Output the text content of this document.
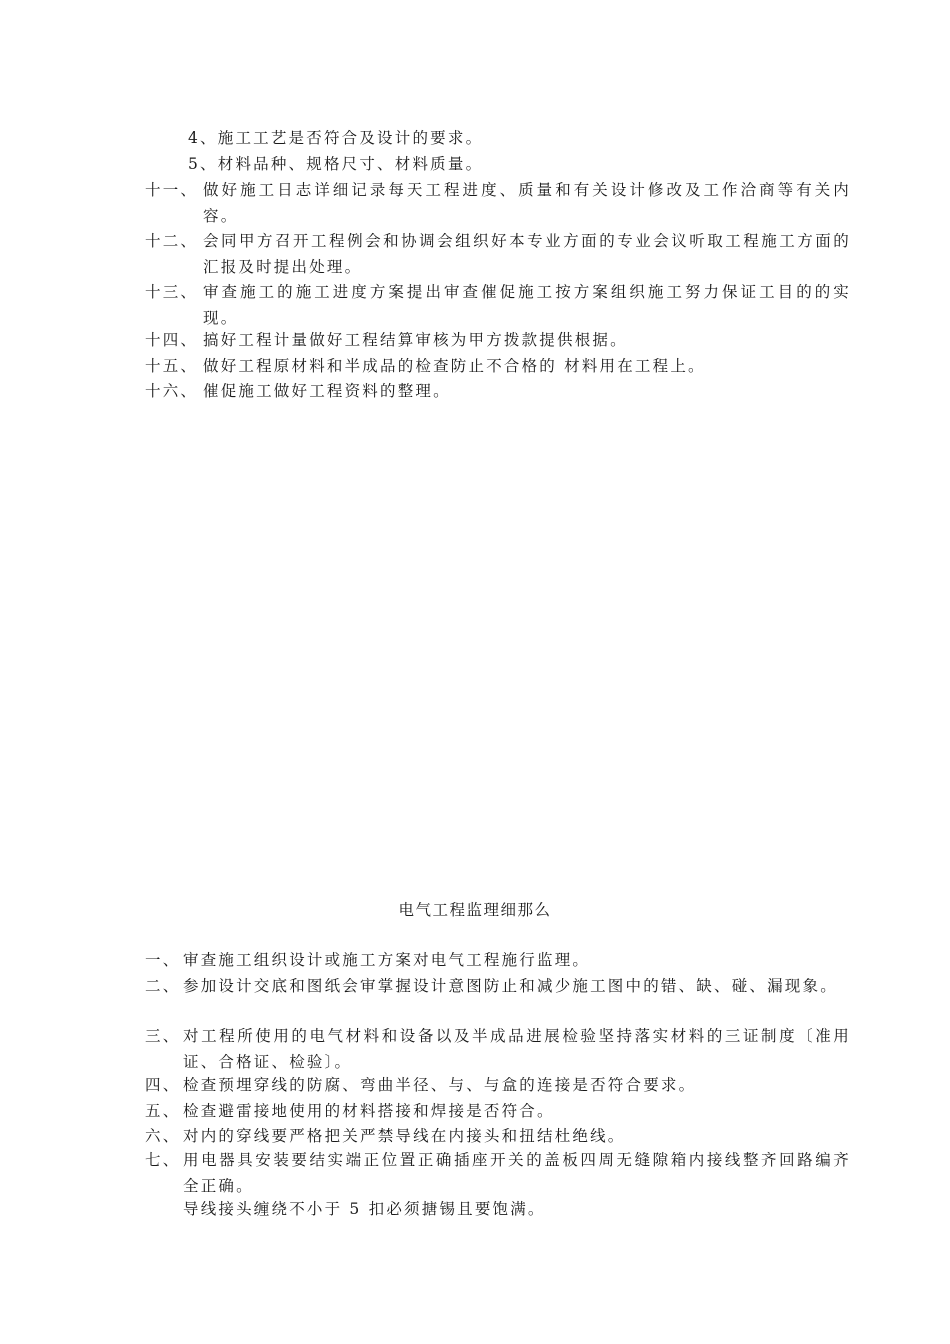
4、施工工艺是否符合及设计的要求。
5、材料品种、规格尺寸、材料质量。
十一、 做好施工日志详细记录每天工程进度、质量和有关设计修改及工作洽商等有关内容。
十二、 会同甲方召开工程例会和协调会组织好本专业方面的专业会议听取工程施工方面的汇报及时提出处理。
十三、 审查施工的施工进度方案提出审查催促施工按方案组织施工努力保证工目的的实现。
十四、 搞好工程计量做好工程结算审核为甲方拨款提供根据。
十五、 做好工程原材料和半成品的检查防止不合格的 材料用在工程上。
十六、 催促施工做好工程资料的整理。
电气工程监理细那么
一、 审查施工组织设计或施工方案对电气工程施行监理。
二、 参加设计交底和图纸会审掌握设计意图防止和减少施工图中的错、缺、碰、漏现象。
三、 对工程所使用的电气材料和设备以及半成品进展检验坚持落实材料的三证制度〔准用证、合格证、检验〕。
四、 检查预埋穿线的防腐、弯曲半径、与、与盒的连接是否符合要求。
五、 检查避雷接地使用的材料搭接和焊接是否符合。
六、 对内的穿线要严格把关严禁导线在内接头和扭结杜绝线。
七、 用电器具安装要结实端正位置正确插座开关的盖板四周无缝隙箱内接线整齐回路编齐全正确。
导线接头缠绕不小于 5 扣必须搪锡且要饱满。
